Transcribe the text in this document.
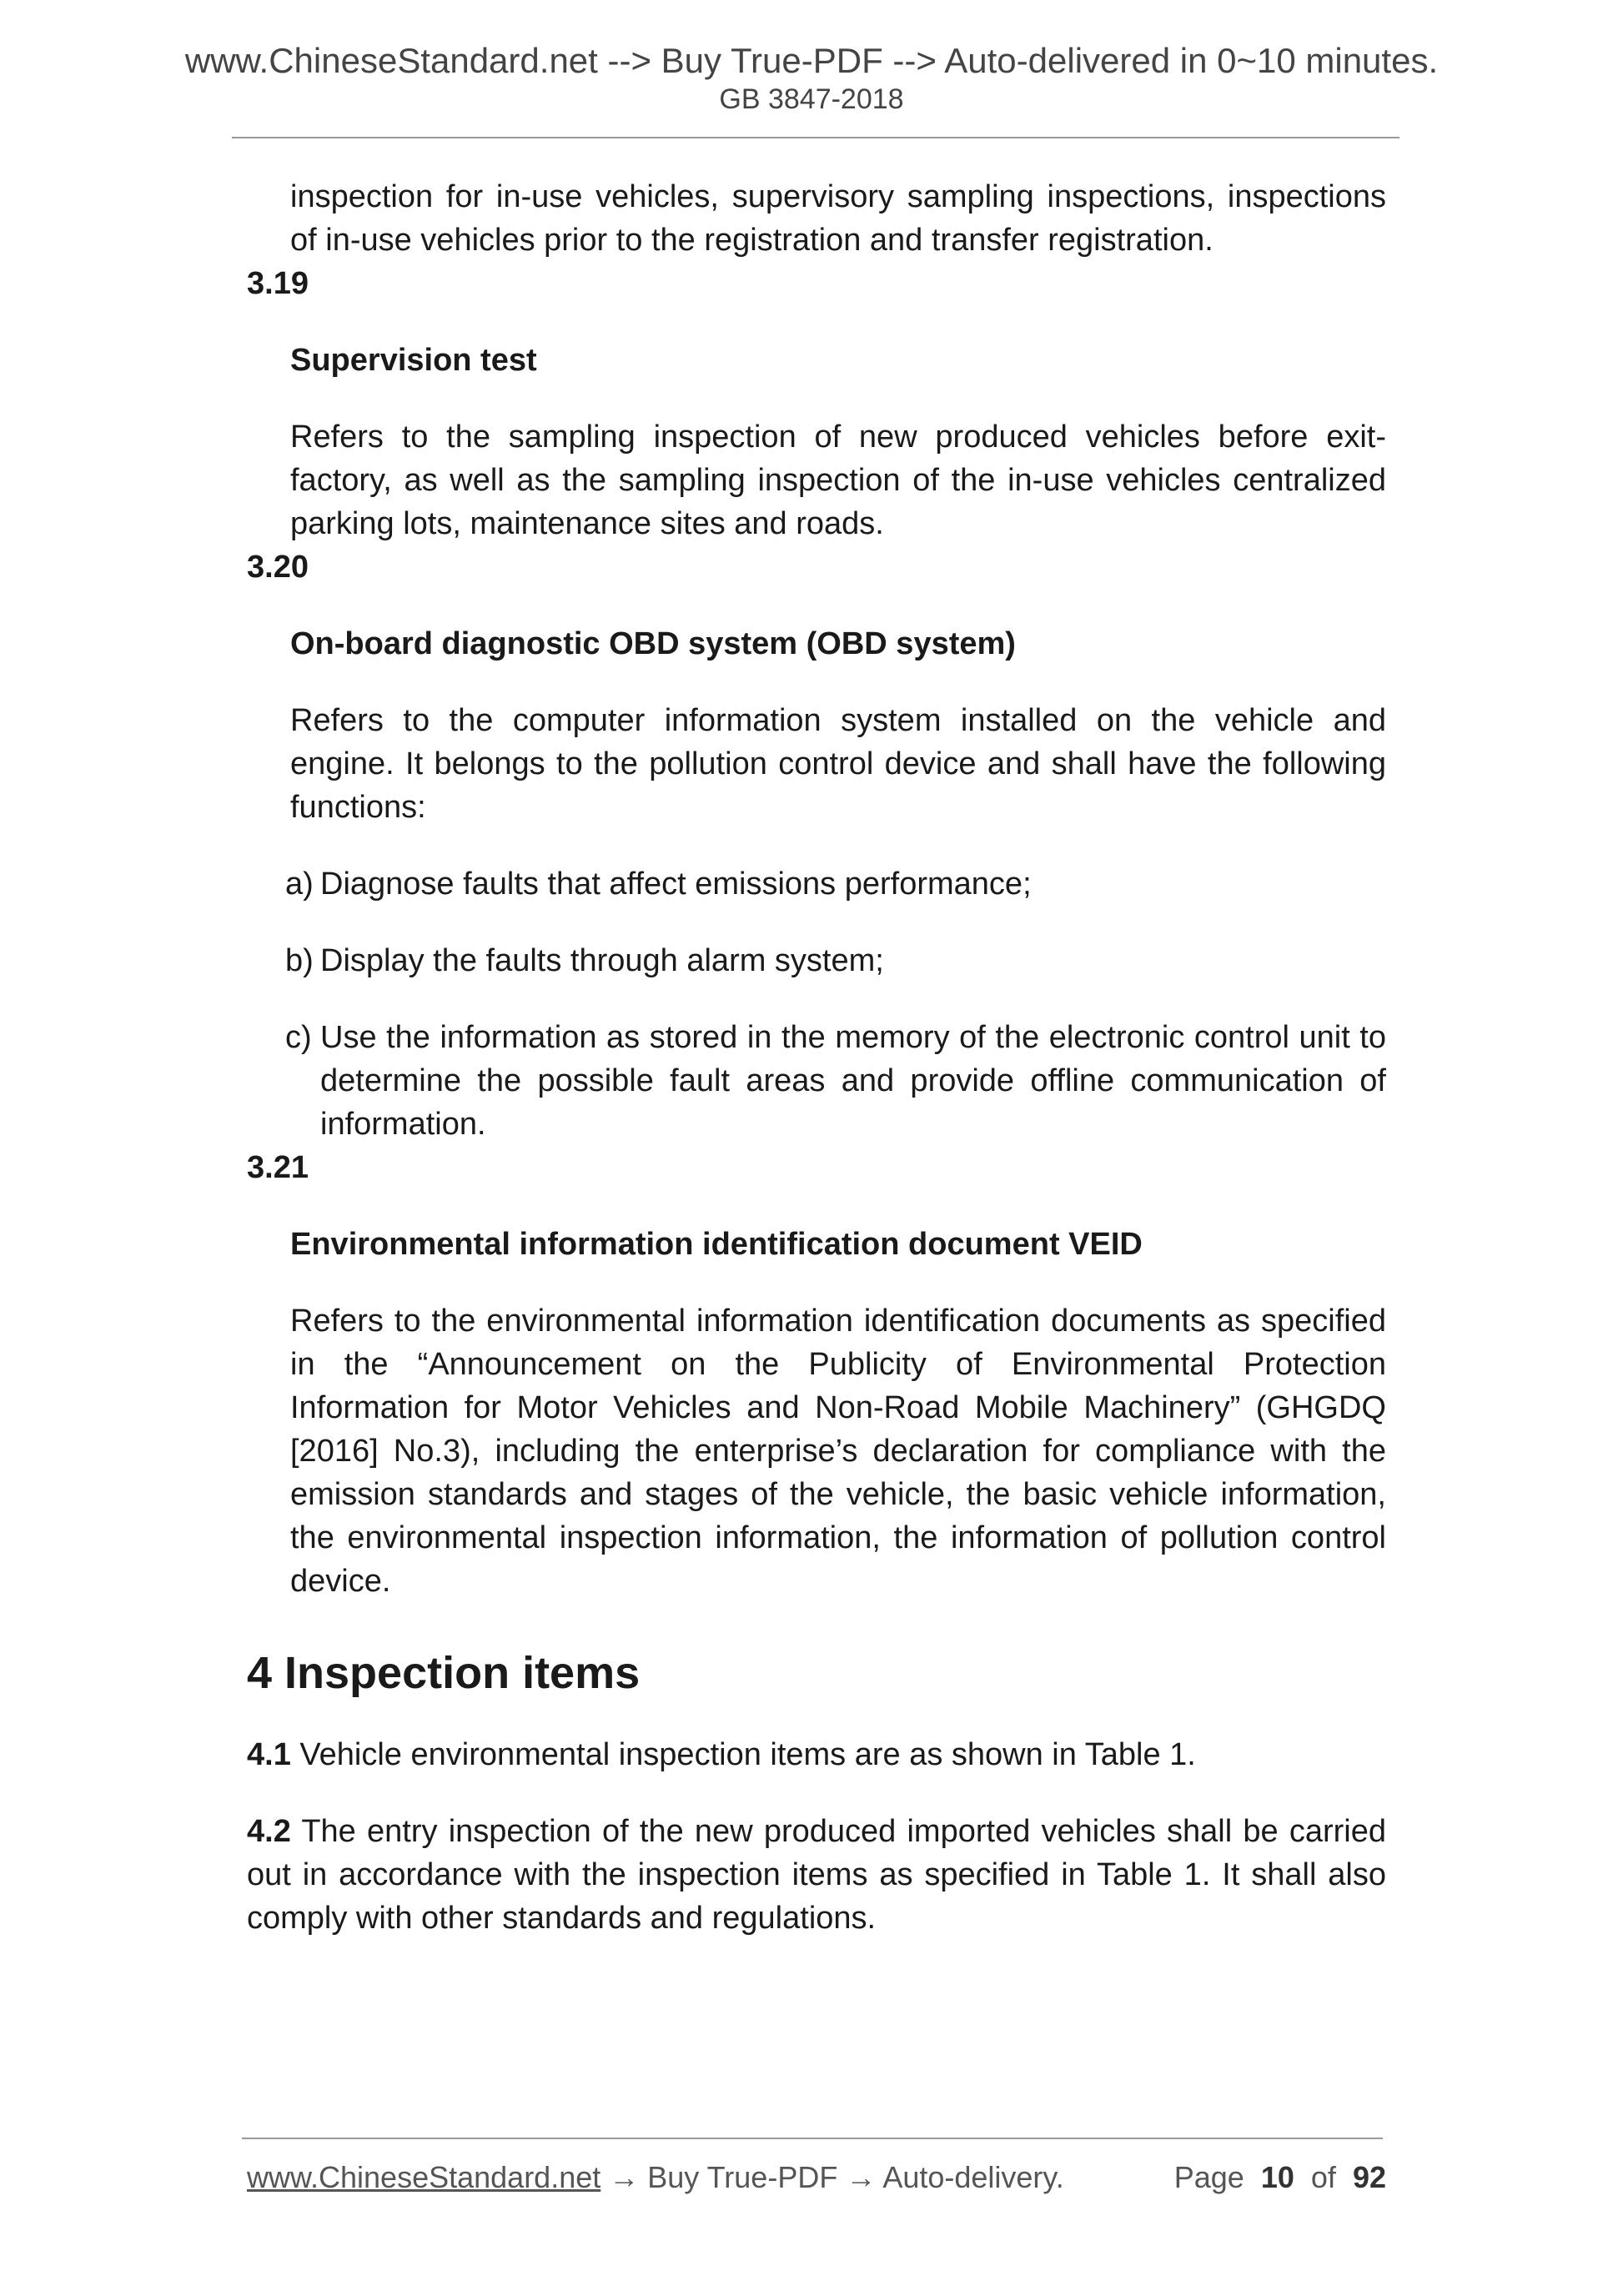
www.ChineseStandard.net --> Buy True-PDF --> Auto-delivered in 0~10 minutes.
GB 3847-2018

inspection for in-use vehicles, supervisory sampling inspections, inspections of in-use vehicles prior to the registration and transfer registration.

3.19

Supervision test

Refers to the sampling inspection of new produced vehicles before exit-factory, as well as the sampling inspection of the in-use vehicles centralized parking lots, maintenance sites and roads.

3.20

On-board diagnostic OBD system (OBD system)

Refers to the computer information system installed on the vehicle and engine. It belongs to the pollution control device and shall have the following functions:

a) Diagnose faults that affect emissions performance;
b) Display the faults through alarm system;
c) Use the information as stored in the memory of the electronic control unit to determine the possible fault areas and provide offline communication of information.

3.21

Environmental information identification document VEID

Refers to the environmental information identification documents as specified in the “Announcement on the Publicity of Environmental Protection Information for Motor Vehicles and Non-Road Mobile Machinery” (GHGDQ [2016] No.3), including the enterprise’s declaration for compliance with the emission standards and stages of the vehicle, the basic vehicle information, the environmental inspection information, the information of pollution control device.

4 Inspection items

4.1 Vehicle environmental inspection items are as shown in Table 1.

4.2 The entry inspection of the new produced imported vehicles shall be carried out in accordance with the inspection items as specified in Table 1. It shall also comply with other standards and regulations.

www.ChineseStandard.net → Buy True-PDF → Auto-delivery.	Page 10 of 92
